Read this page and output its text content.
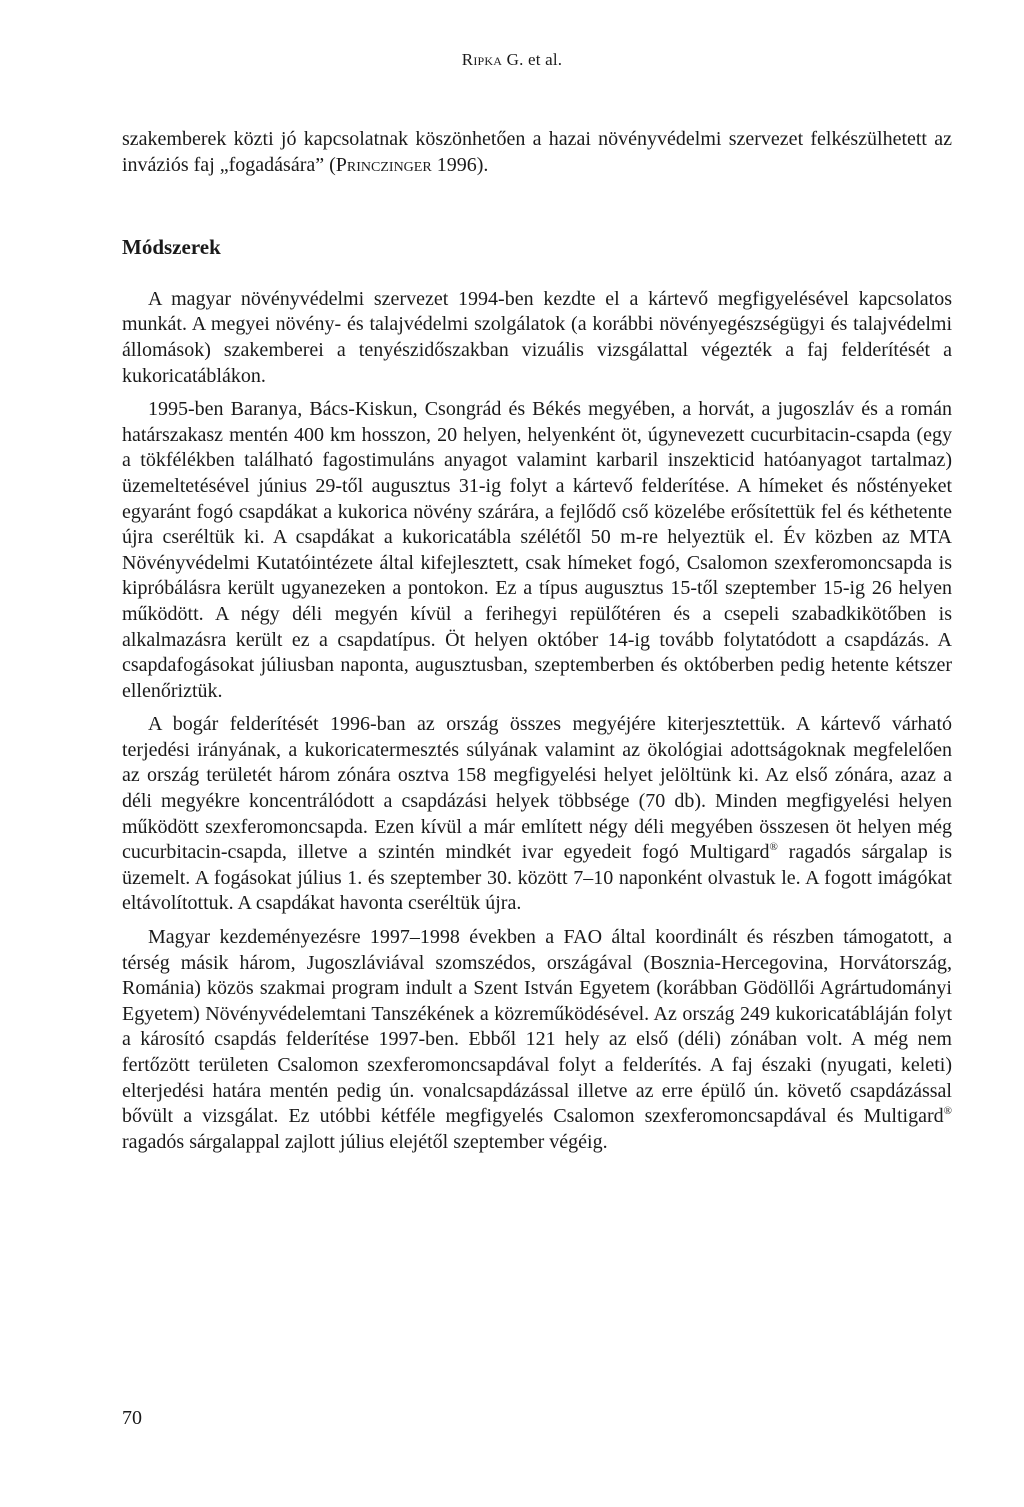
Ripka G. et al.

szakemberek közti jó kapcsolatnak köszönhetően a hazai növényvédelmi szervezet felkészülhetett az inváziós faj „fogadására” (Princzinger 1996).

Módszerek

A magyar növényvédelmi szervezet 1994-ben kezdte el a kártevő megfigyelésével kapcsolatos munkát. A megyei növény- és talajvédelmi szolgálatok (a korábbi növényegészségügyi és talajvédelmi állomások) szakemberei a tenyészidőszakban vizuális vizsgálattal végezték a faj felderítését a kukoricatáblákon.

1995-ben Baranya, Bács-Kiskun, Csongrád és Békés megyében, a horvát, a jugoszláv és a román határszakasz mentén 400 km hosszon, 20 helyen, helyenként öt, úgynevezett cucurbitacin-csapda (egy a tökfélékben található fagostimuláns anyagot valamint karbaril inszekticid hatóanyagot tartalmaz) üzemeltetésével június 29-től augusztus 31-ig folyt a kártevő felderítése. A hímeket és nőstényeket egyaránt fogó csapdákat a kukorica növény szárára, a fejlődő cső közelébe erősítettük fel és kéthetente újra cseréltük ki. A csapdákat a kukoricatábla szélétől 50 m-re helyeztük el. Év közben az MTA Növényvédelmi Kutatóintézete által kifejlesztett, csak hímeket fogó, Csalomon szexferomoncsapda is kipróbálásra került ugyanezeken a pontokon. Ez a típus augusztus 15-től szeptember 15-ig 26 helyen működött. A négy déli megyén kívül a ferihegyi repülőtéren és a csepeli szabadkikötőben is alkalmazásra került ez a csapdatípus. Öt helyen október 14-ig tovább folytatódott a csapdázás. A csapdafogásokat júliusban naponta, augusztusban, szeptemberben és októberben pedig hetente kétszer ellenőriztük.

A bogár felderítését 1996-ban az ország összes megyéjére kiterjesztettük. A kártevő várható terjedési irányának, a kukoricatermesztés súlyának valamint az ökológiai adottságoknak megfelelően az ország területét három zónára osztva 158 megfigyelési helyet jelöltünk ki. Az első zónára, azaz a déli megyékre koncentrálódott a csapdázási helyek többsége (70 db). Minden megfigyelési helyen működött szexferomoncsapda. Ezen kívül a már említett négy déli megyében összesen öt helyen még cucurbitacin-csapda, illetve a szintén mindkét ivar egyedeit fogó Multigard® ragadós sárgalap is üzemelt. A fogásokat július 1. és szeptember 30. között 7–10 naponként olvastuk le. A fogott imágókat eltávolítottuk. A csapdákat havonta cseréltük újra.

Magyar kezdeményezésre 1997–1998 években a FAO által koordinált és részben támogatott, a térség másik három, Jugoszláviával szomszédos, országával (Bosznia-Hercegovina, Horvátország, Románia) közös szakmai program indult a Szent István Egyetem (korábban Gödöllői Agrártudományi Egyetem) Növényvédelemtani Tanszékének a közreműködésével. Az ország 249 kukoricatábláján folyt a károsító csapdás felderítése 1997-ben. Ebből 121 hely az első (déli) zónában volt. A még nem fertőzött területen Csalomon szexferomoncsapdával folyt a felderítés. A faj északi (nyugati, keleti) elterjedési határa mentén pedig ún. vonalcsapdázással illetve az erre épülő ún. követő csapdázással bővült a vizsgálat. Ez utóbbi kétféle megfigyelés Csalomon szexferomoncsapdával és Multigard® ragadós sárgalappal zajlott július elejétől szeptember végéig.

70
